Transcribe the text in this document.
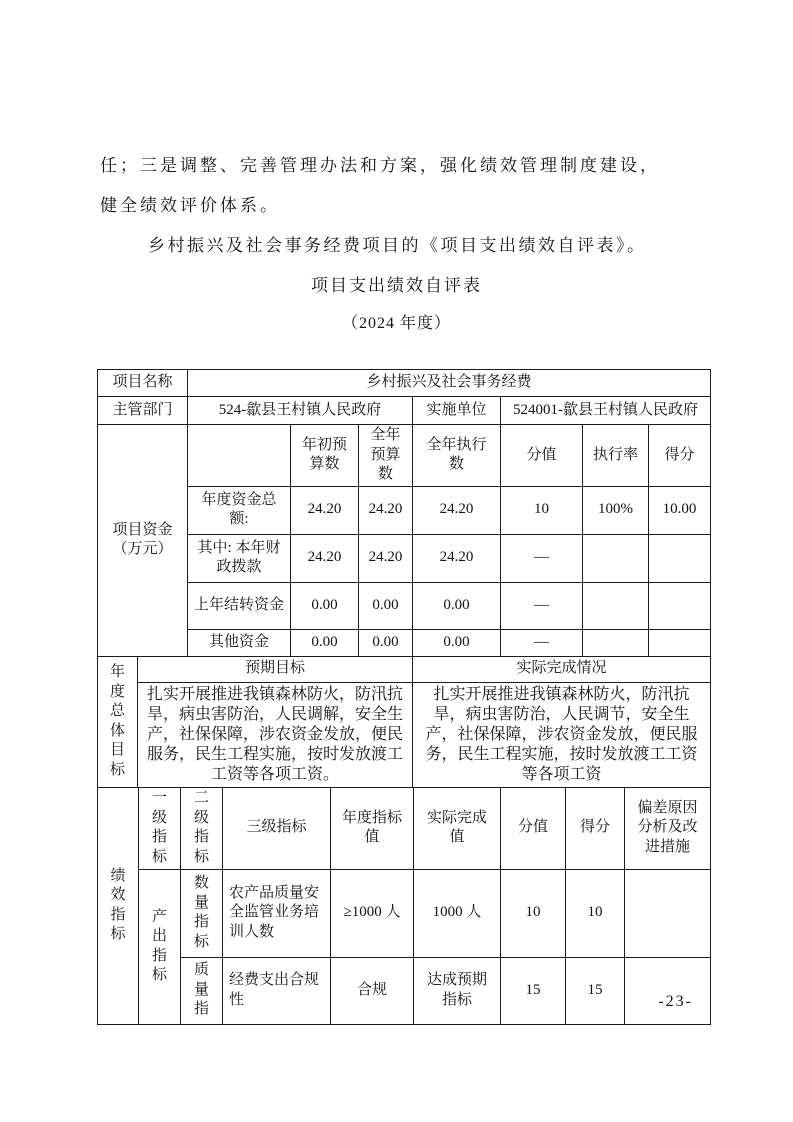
任；三是调整、完善管理办法和方案，强化绩效管理制度建设，
健全绩效评价体系。
乡村振兴及社会事务经费项目的《项目支出绩效自评表》。
项目支出绩效自评表
（2024 年度）
项目名称	乡村振兴及社会事务经费		
主管部门	524-歙县王村镇人民政府	实施单位	524001-歙县王村镇人民政府
项目资金（万元）		年初预算数	全年预算数	全年执行数	分值	执行率	得分
	年度资金总额:	24.20	24.20	24.20	10	100%	10.00
	其中: 本年财政拨款	24.20	24.20	24.20	—		
	上年结转资金	0.00	0.00	0.00	—		
	其他资金	0.00	0.00	0.00	—		
年度总体目标	预期目标	实际完成情况
	扎实开展推进我镇森林防火，防汛抗旱，病虫害防治，人民调解，安全生产，社保保障，涉农资金发放，便民服务，民生工程实施，按时发放渡工工资等各项工资。	扎实开展推进我镇森林防火，防汛抗旱，病虫害防治，人民调节，安全生产，社保保障，涉农资金发放，便民服务，民生工程实施，按时发放渡工工资等各项工资
绩效指标	一级指标	二级指标	三级指标	年度指标值	实际完成值	分值	得分	偏差原因分析及改进措施

	产出指标	数量指标	农产品质量安全监管业务培训人数	≥1000 人	1000 人	10	10	

		质量指	经费支出合规性	合规	达成预期指标	15	15	
-23-
